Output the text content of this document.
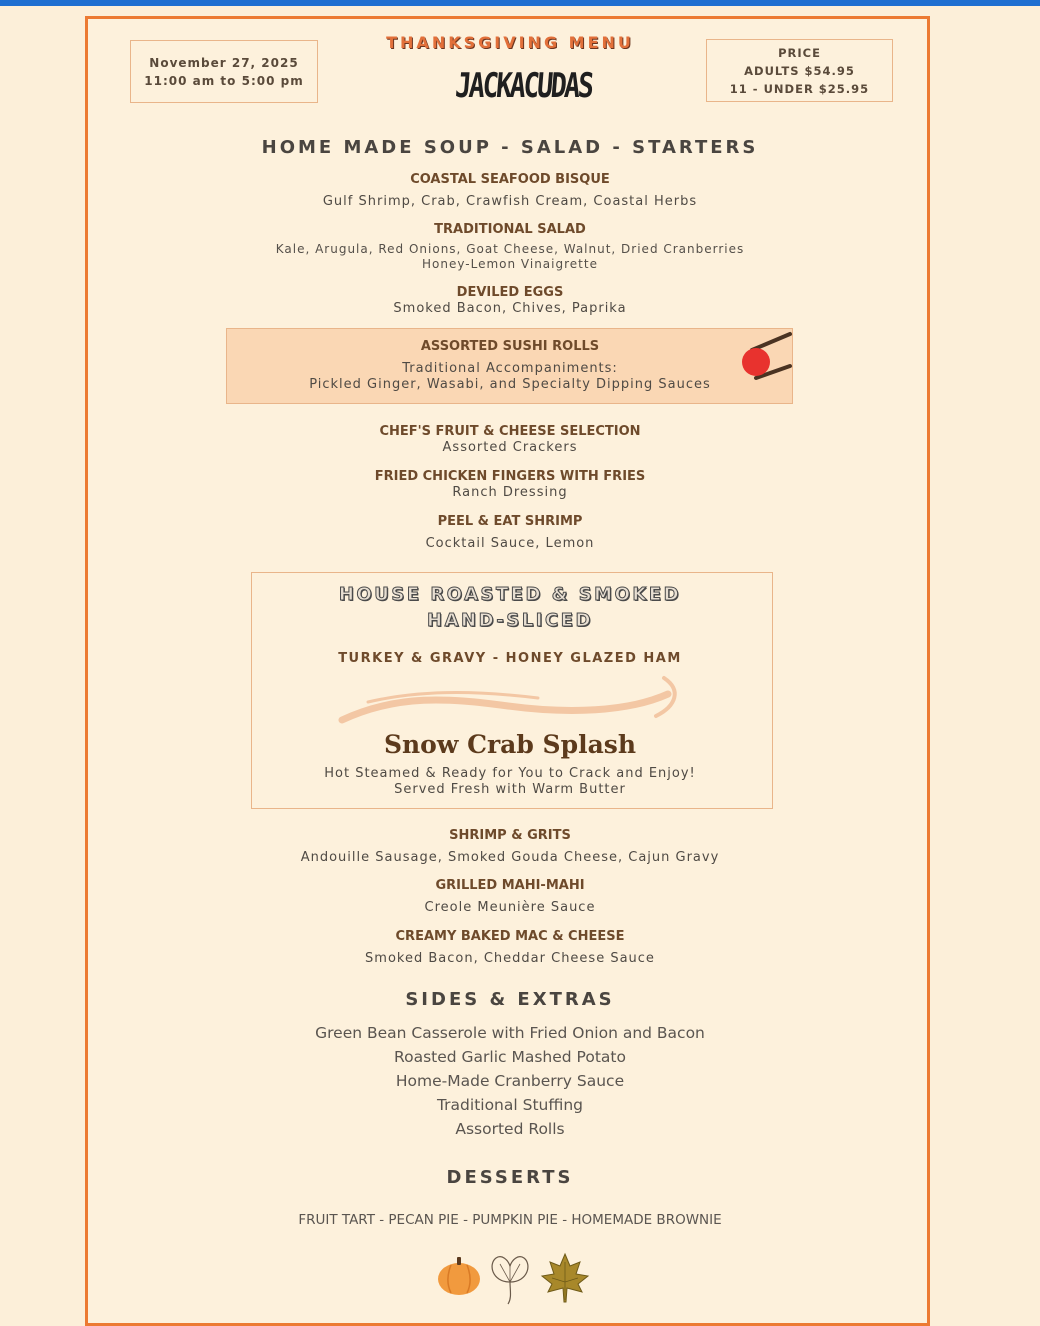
November 27, 2025
11:00 am to 5:00 pm
THANKSGIVING MENU
JACKACUDAS
PRICE
ADULTS $54.95
11 - UNDER $25.95
HOME MADE SOUP - SALAD - STARTERS
COASTAL SEAFOOD BISQUE
Gulf Shrimp, Crab, Crawfish Cream, Coastal Herbs
TRADITIONAL SALAD
Kale, Arugula, Red Onions, Goat Cheese, Walnut, Dried Cranberries
Honey-Lemon Vinaigrette
DEVILED EGGS
Smoked Bacon, Chives, Paprika
ASSORTED SUSHI ROLLS
Traditional Accompaniments:
Pickled Ginger, Wasabi, and Specialty Dipping Sauces
CHEF'S FRUIT & CHEESE SELECTION
Assorted Crackers
FRIED CHICKEN FINGERS WITH FRIES
Ranch Dressing
PEEL & EAT SHRIMP
Cocktail Sauce, Lemon
HOUSE ROASTED & SMOKED
HAND-SLICED
TURKEY & GRAVY - HONEY GLAZED HAM
Snow Crab Splash
Hot Steamed & Ready for You to Crack and Enjoy!
Served Fresh with Warm Butter
SHRIMP & GRITS
Andouille Sausage, Smoked Gouda Cheese, Cajun Gravy
GRILLED MAHI-MAHI
Creole Meunière Sauce
CREAMY BAKED MAC & CHEESE
Smoked Bacon, Cheddar Cheese Sauce
SIDES & EXTRAS
Green Bean Casserole with Fried Onion and Bacon
Roasted Garlic Mashed Potato
Home-Made Cranberry Sauce
Traditional Stuffing
Assorted Rolls
DESSERTS
FRUIT TART - PECAN PIE - PUMPKIN PIE - HOMEMADE BROWNIE
